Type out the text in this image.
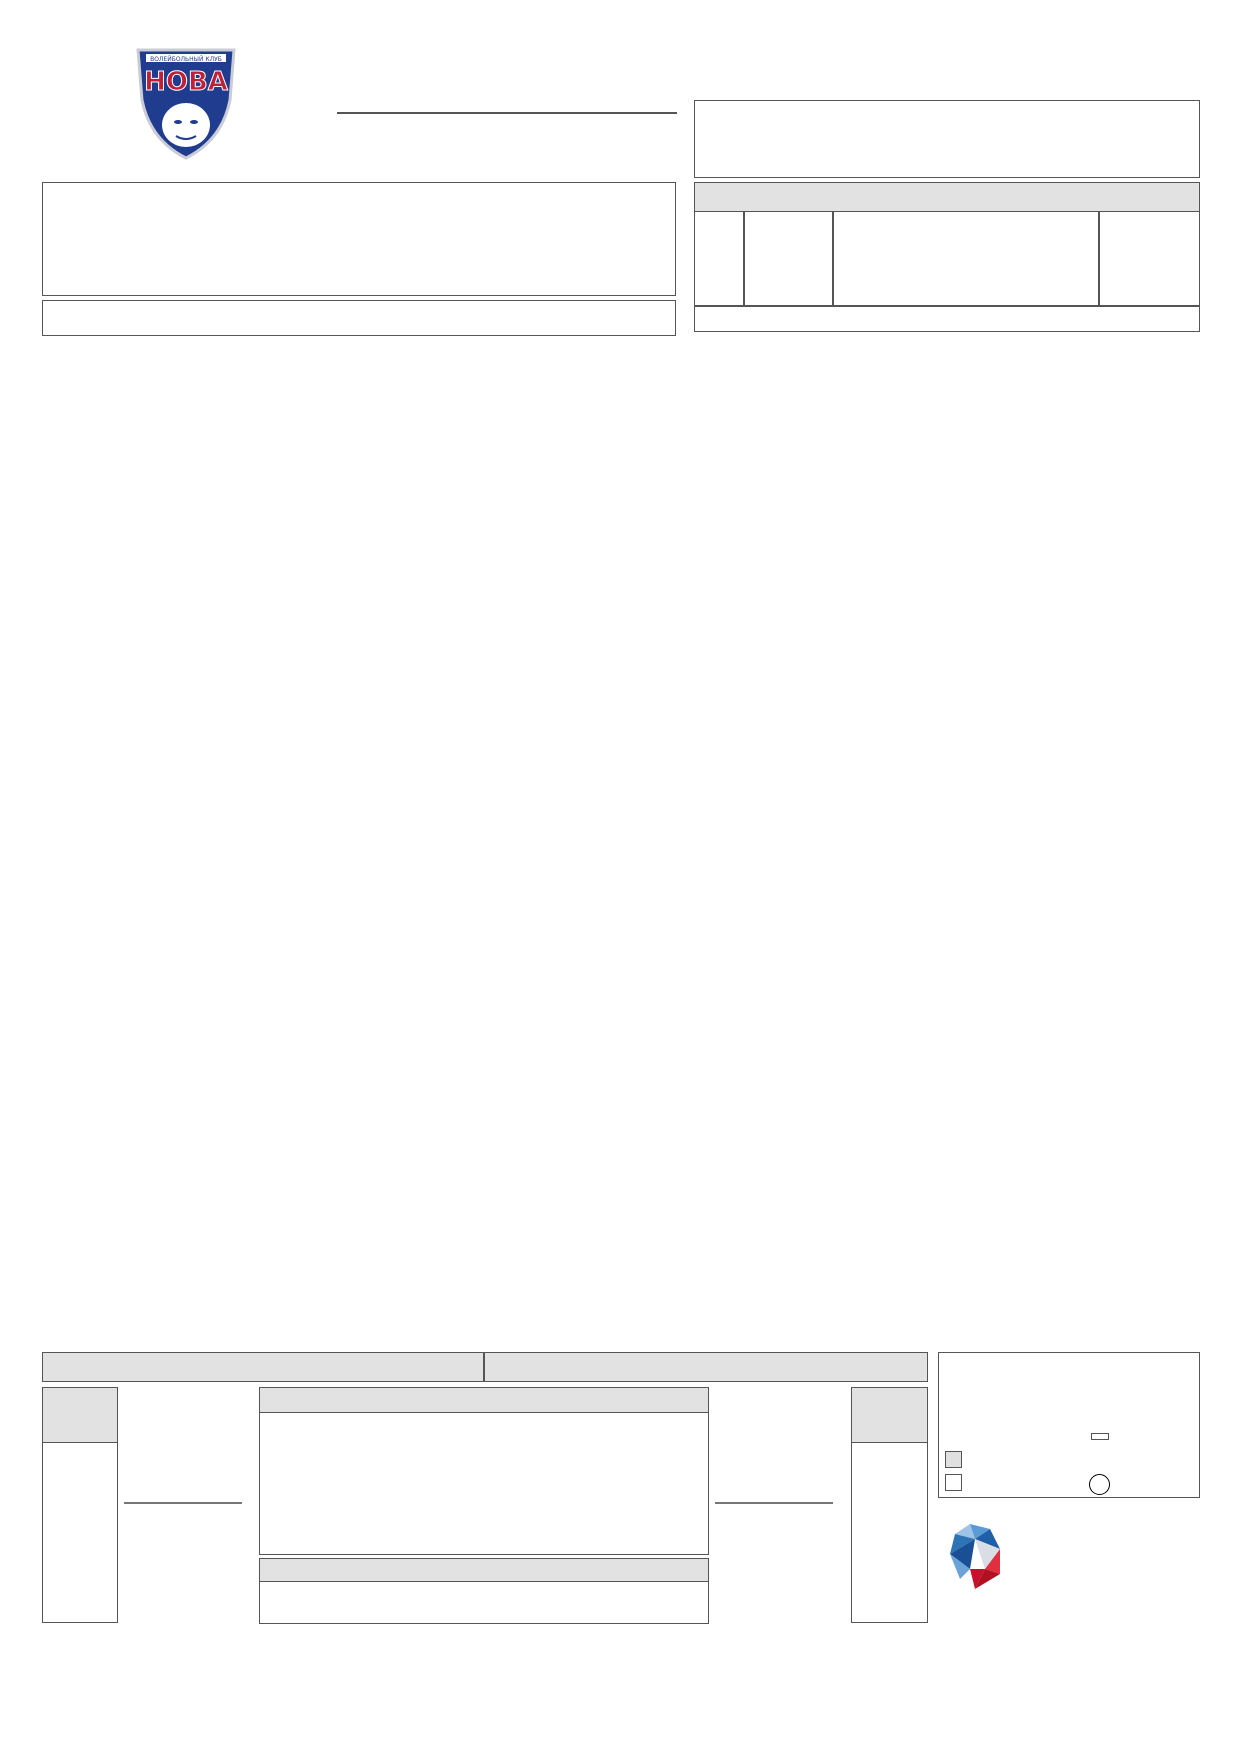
ВОЛЕЙБОЛЬНЫЙ КЛУБ
НОВА
